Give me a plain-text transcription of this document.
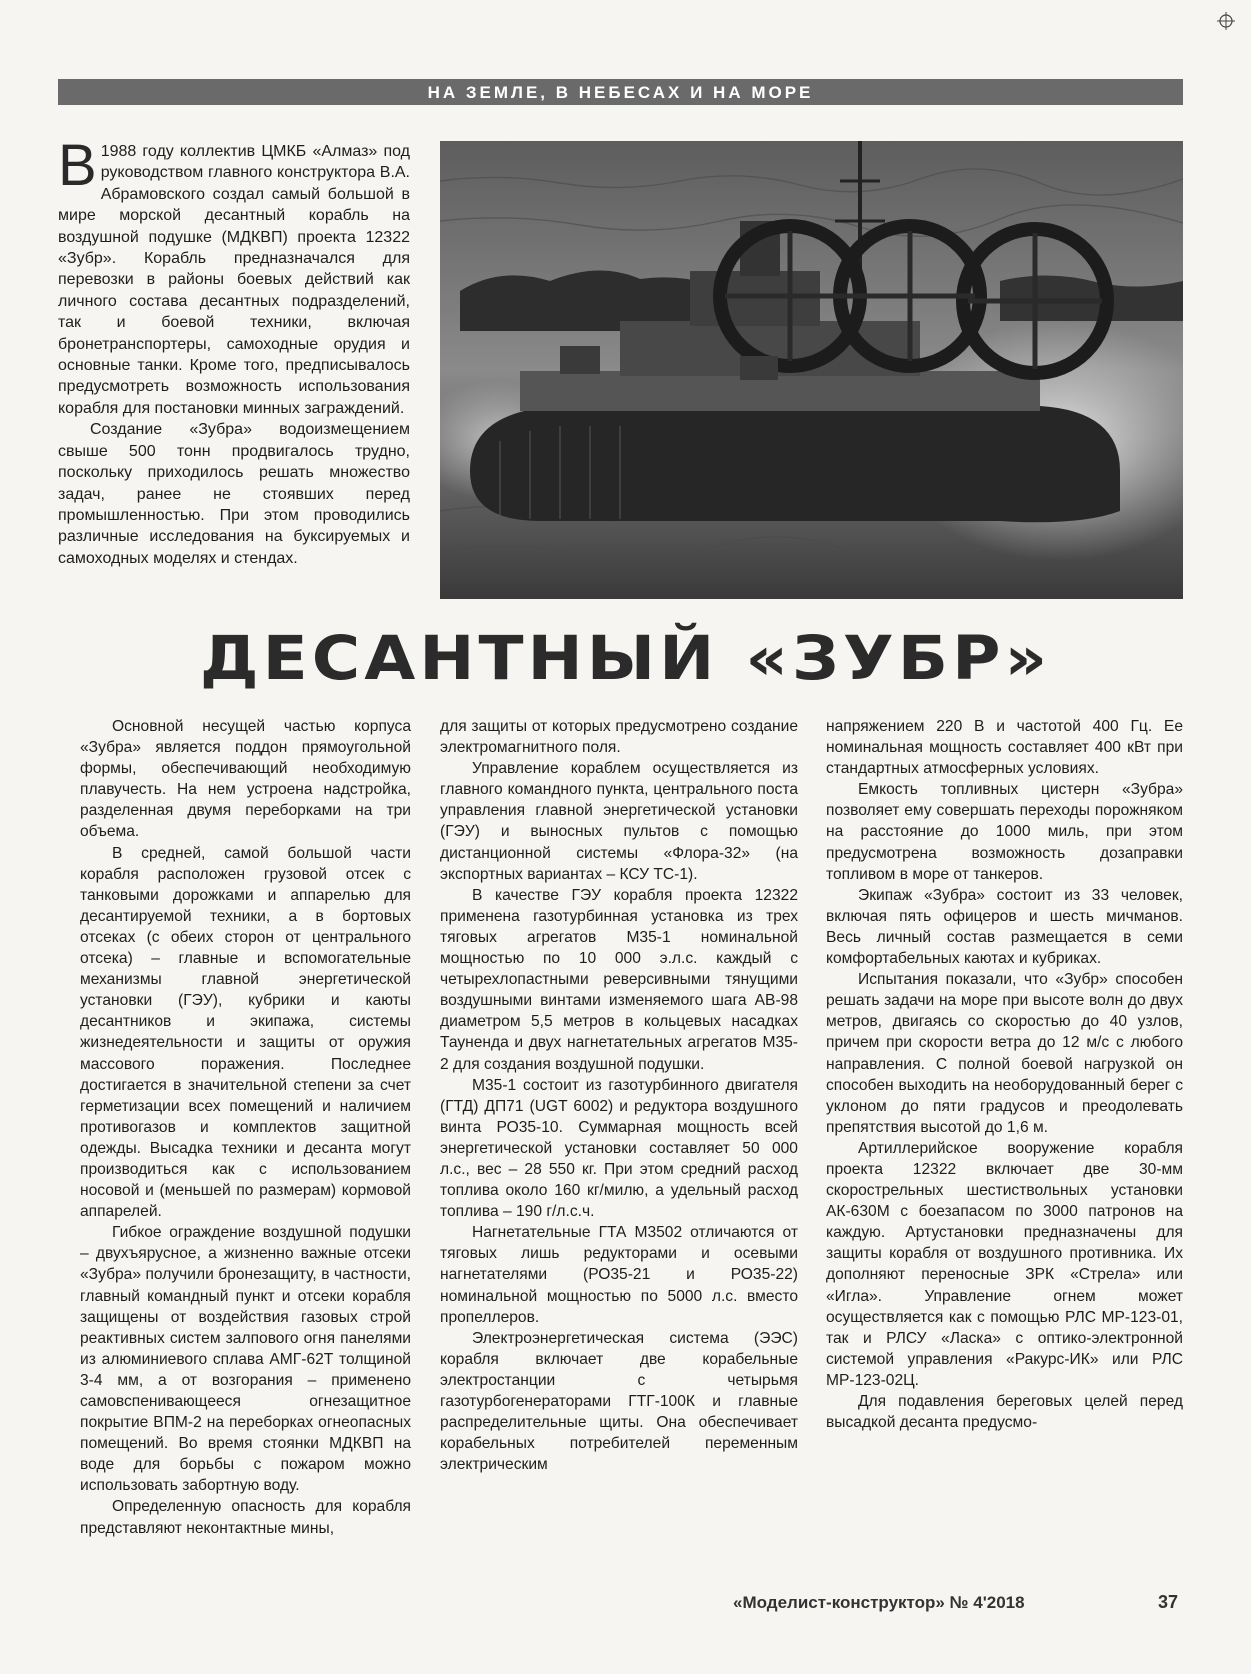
НА ЗЕМЛЕ, В НЕБЕСАХ И НА МОРЕ

В 1988 году коллектив ЦМКБ «Алмаз» под руководством главного конструктора В.А. Абрамовского создал самый большой в мире морской десантный корабль на воздушной подушке (МДКВП) проекта 12322 «Зубр». Корабль предназначался для перевозки в районы боевых действий как личного состава десантных подразделений, так и боевой техники, включая бронетранспортеры, самоходные орудия и основные танки. Кроме того, предписывалось предусмотреть возможность использования корабля для постановки минных заграждений.

Создание «Зубра» водоизмещением свыше 500 тонн продвигалось трудно, поскольку приходилось решать множество задач, ранее не стоявших перед промышленностью. При этом проводились различные исследования на буксируемых и самоходных моделях и стендах.

ДЕСАНТНЫЙ «ЗУБР»

Основной несущей частью корпуса «Зубра» является поддон прямоугольной формы, обеспечивающий необходимую плавучесть. На нем устроена надстройка, разделенная двумя переборками на три объема.

В средней, самой большой части корабля расположен грузовой отсек с танковыми дорожками и аппарелью для десантируемой техники, а в бортовых отсеках (с обеих сторон от центрального отсека) – главные и вспомогательные механизмы главной энергетической установки (ГЭУ), кубрики и каюты десантников и экипажа, системы жизнедеятельности и защиты от оружия массового поражения. Последнее достигается в значительной степени за счет герметизации всех помещений и наличием противогазов и комплектов защитной одежды. Высадка техники и десанта могут производиться как с использованием носовой и (меньшей по размерам) кормовой аппарелей.

Гибкое ограждение воздушной подушки – двухъярусное, а жизненно важные отсеки «Зубра» получили бронезащиту, в частности, главный командный пункт и отсеки корабля защищены от воздействия газовых строй реактивных систем залпового огня панелями из алюминиевого сплава АМГ-62Т толщиной 3-4 мм, а от возгорания – применено самовспенивающееся огнезащитное покрытие ВПМ-2 на переборках огнеопасных помещений. Во время стоянки МДКВП на воде для борьбы с пожаром можно использовать забортную воду.

Определенную опасность для корабля представляют неконтактные мины,

для защиты от которых предусмотрено создание электромагнитного поля.

Управление кораблем осуществляется из главного командного пункта, центрального поста управления главной энергетической установки (ГЭУ) и выносных пультов с помощью дистанционной системы «Флора-32» (на экспортных вариантах – КСУ ТС-1).

В качестве ГЭУ корабля проекта 12322 применена газотурбинная установка из трех тяговых агрегатов М35-1 номинальной мощностью по 10 000 э.л.с. каждый с четырехлопастными реверсивными тянущими воздушными винтами изменяемого шага АВ-98 диаметром 5,5 метров в кольцевых насадках Тауненда и двух нагнетательных агрегатов М35-2 для создания воздушной подушки.

М35-1 состоит из газотурбинного двигателя (ГТД) ДП71 (UGT 6002) и редуктора воздушного винта РО35-10. Суммарная мощность всей энергетической установки составляет 50 000 л.с., вес – 28 550 кг. При этом средний расход топлива около 160 кг/милю, а удельный расход топлива – 190 г/л.с.ч.

Нагнетательные ГТА М3502 отличаются от тяговых лишь редукторами и осевыми нагнетателями (РО35-21 и РО35-22) номинальной мощностью по 5000 л.с. вместо пропеллеров.

Электроэнергетическая система (ЭЭС) корабля включает две корабельные электростанции с четырьмя газотурбогенераторами ГТГ-100К и главные распределительные щиты. Она обеспечивает корабельных потребителей переменным электрическим

напряжением 220 В и частотой 400 Гц. Ее номинальная мощность составляет 400 кВт при стандартных атмосферных условиях.

Емкость топливных цистерн «Зубра» позволяет ему совершать переходы порожняком на расстояние до 1000 миль, при этом предусмотрена возможность дозаправки топливом в море от танкеров.

Экипаж «Зубра» состоит из 33 человек, включая пять офицеров и шесть мичманов. Весь личный состав размещается в семи комфортабельных каютах и кубриках.

Испытания показали, что «Зубр» способен решать задачи на море при высоте волн до двух метров, двигаясь со скоростью до 40 узлов, причем при скорости ветра до 12 м/с с любого направления. С полной боевой нагрузкой он способен выходить на необорудованный берег с уклоном до пяти градусов и преодолевать препятствия высотой до 1,6 м.

Артиллерийское вооружение корабля проекта 12322 включает две 30-мм скорострельных шестиствольных установки АК-630М с боезапасом по 3000 патронов на каждую. Артустановки предназначены для защиты корабля от воздушного противника. Их дополняют переносные ЗРК «Стрела» или «Игла». Управление огнем может осуществляется как с помощью РЛС МР-123-01, так и РЛСУ «Ласка» с оптико-электронной системой управления «Ракурс-ИК» или РЛС МР-123-02Ц.

Для подавления береговых целей перед высадкой десанта предусмо-

«Моделист-конструктор» № 4'2018	37
